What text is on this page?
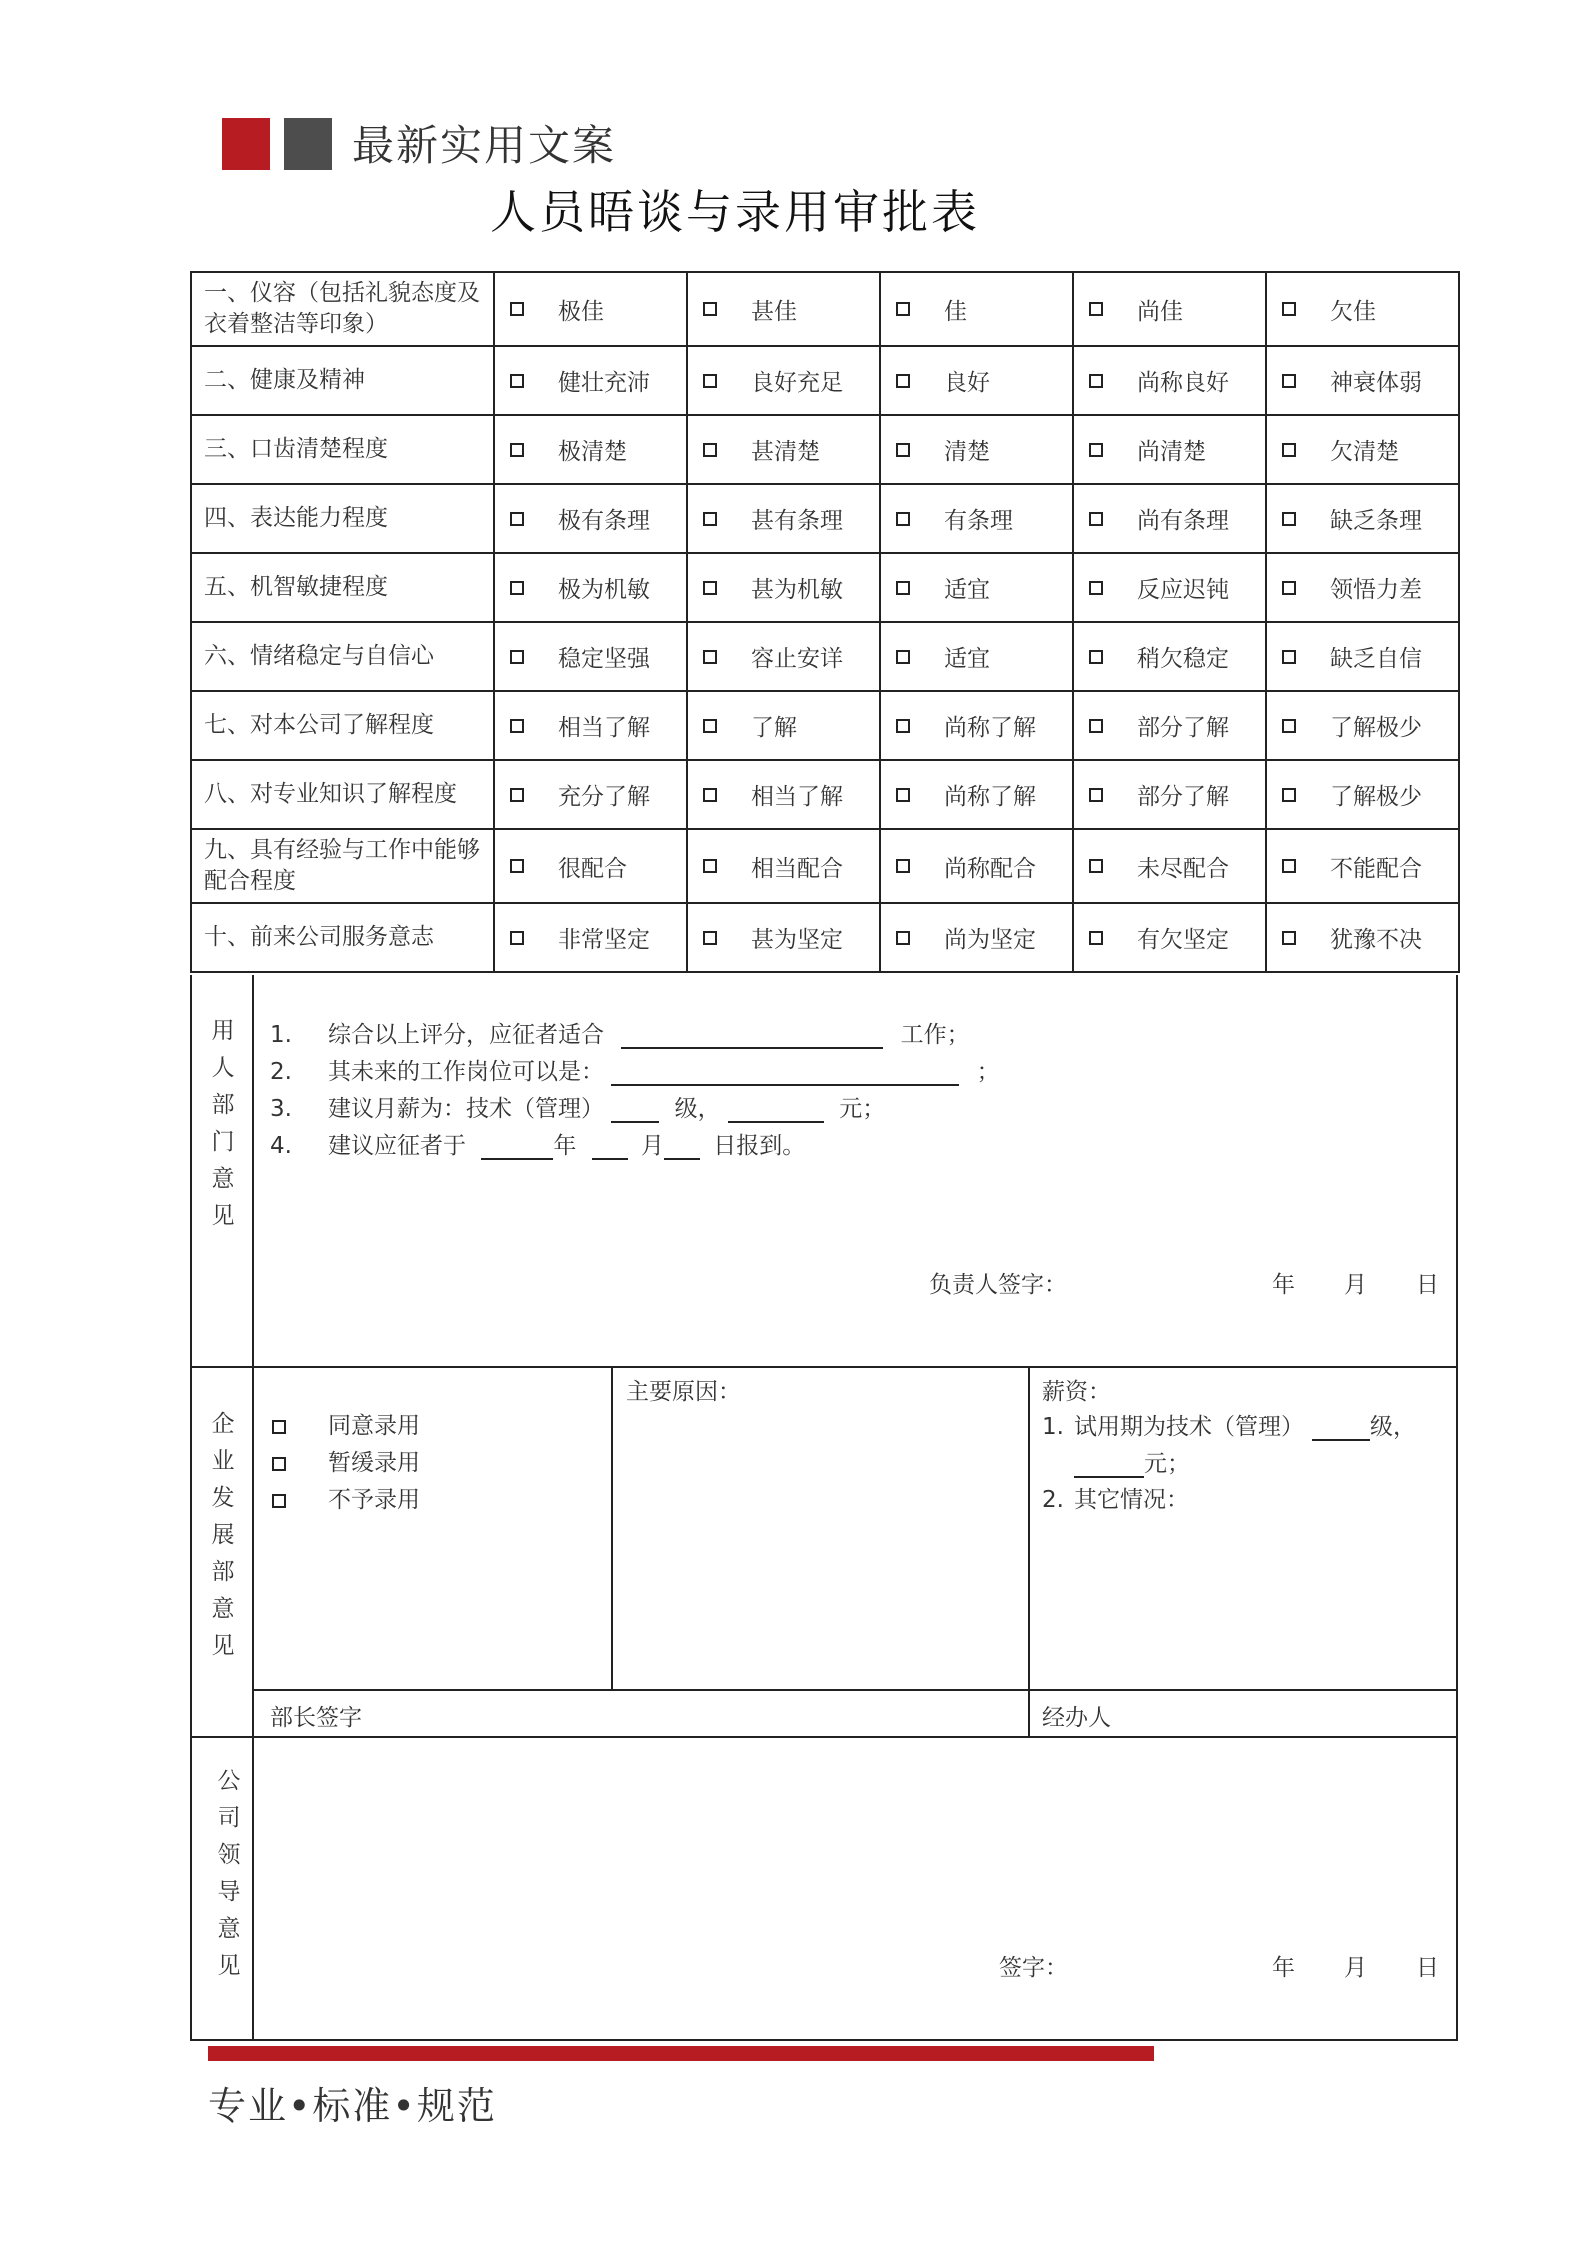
最新实用文案
人员晤谈与录用审批表
一、仪容（包括礼貌态度及衣着整洁等印象）	极佳	甚佳	佳	尚佳	欠佳

二、健康及精神	健壮充沛	良好充足	良好	尚称良好	神衰体弱

三、口齿清楚程度	极清楚	甚清楚	清楚	尚清楚	欠清楚

四、表达能力程度	极有条理	甚有条理	有条理	尚有条理	缺乏条理

五、机智敏捷程度	极为机敏	甚为机敏	适宜	反应迟钝	领悟力差

六、情绪稳定与自信心	稳定坚强	容止安详	适宜	稍欠稳定	缺乏自信

七、对本公司了解程度	相当了解	了解	尚称了解	部分了解	了解极少

八、对专业知识了解程度	充分了解	相当了解	尚称了解	部分了解	了解极少

九、具有经验与工作中能够配合程度	很配合	相当配合	尚称配合	未尽配合	不能配合

十、前来公司服务意志	非常坚定	甚为坚定	尚为坚定	有欠坚定	犹豫不决
用
人
部
门
意
见
1. 综合以上评分，应征者适合	工作；
2. 其未来的工作岗位可以是：	；
3. 建议月薪为：技术（管理）	级，	元；
4. 建议应征者于	年	月 日报到。
负责人签字：	年 月 日
企
业
发
展
部
意
见
同意录用
暂缓录用
不予录用
主要原因：	薪资：
1. 试用期为技术（管理）	级，
元；
2. 其它情况：
部长签字	经办人
公
司
领
导
意
见	签字：	年 月 日
专业•标准•规范
